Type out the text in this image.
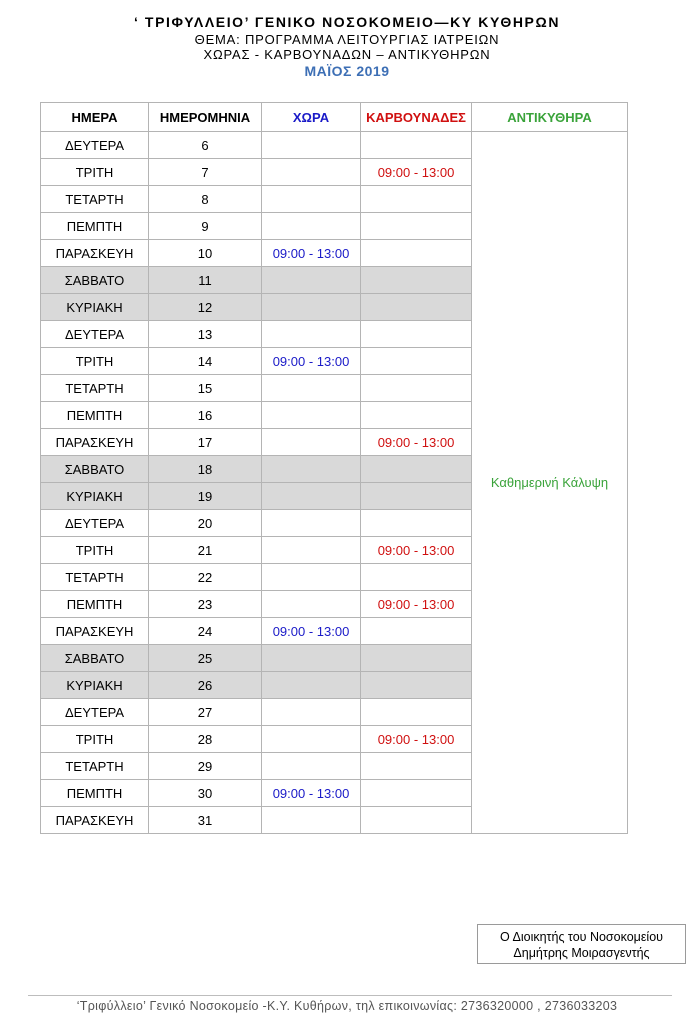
‘ ΤΡΙΦΥΛΛΕΙΟ’ ΓΕΝΙΚΟ ΝΟΣΟΚΟΜΕΙΟ—ΚΥ ΚΥΘΗΡΩΝ
ΘΕΜΑ: ΠΡΟΓΡΑΜΜΑ ΛΕΙΤΟΥΡΓΙΑΣ ΙΑΤΡΕΙΩΝ
ΧΩΡΑΣ - ΚΑΡΒΟΥΝΑΔΩΝ – ΑΝΤΙΚΥΘΗΡΩΝ
ΜΑΪΟΣ 2019
ΗΜΕΡΑ	ΗΜΕΡΟΜΗΝΙΑ	ΧΩΡΑ	ΚΑΡΒΟΥΝΑΔΕΣ	ΑΝΤΙΚΥΘΗΡΑ
ΔΕΥΤΕΡΑ	6			Καθημερινή Κάλυψη
ΤΡΙΤΗ	7		09:00 - 13:00	
ΤΕΤΑΡΤΗ	8			
ΠΕΜΠΤΗ	9			
ΠΑΡΑΣΚΕΥΗ	10	09:00 - 13:00		
ΣΑΒΒΑΤΟ	11			
ΚΥΡΙΑΚΗ	12			
ΔΕΥΤΕΡΑ	13			
ΤΡΙΤΗ	14	09:00 - 13:00		
ΤΕΤΑΡΤΗ	15			
ΠΕΜΠΤΗ	16			
ΠΑΡΑΣΚΕΥΗ	17		09:00 - 13:00	
ΣΑΒΒΑΤΟ	18			
ΚΥΡΙΑΚΗ	19			
ΔΕΥΤΕΡΑ	20			
ΤΡΙΤΗ	21		09:00 - 13:00	
ΤΕΤΑΡΤΗ	22			
ΠΕΜΠΤΗ	23		09:00 - 13:00	
ΠΑΡΑΣΚΕΥΗ	24	09:00 - 13:00		
ΣΑΒΒΑΤΟ	25			
ΚΥΡΙΑΚΗ	26			
ΔΕΥΤΕΡΑ	27			
ΤΡΙΤΗ	28		09:00 - 13:00	
ΤΕΤΑΡΤΗ	29			
ΠΕΜΠΤΗ	30	09:00 - 13:00		
ΠΑΡΑΣΚΕΥΗ	31			
Ο Διοικητής του Νοσοκομείου
Δημήτρης Μοιρασγεντής
‘Τριφύλλειο’ Γενικό Νοσοκομείο -Κ.Υ. Κυθήρων, τηλ επικοινωνίας: 2736320000 , 2736033203
